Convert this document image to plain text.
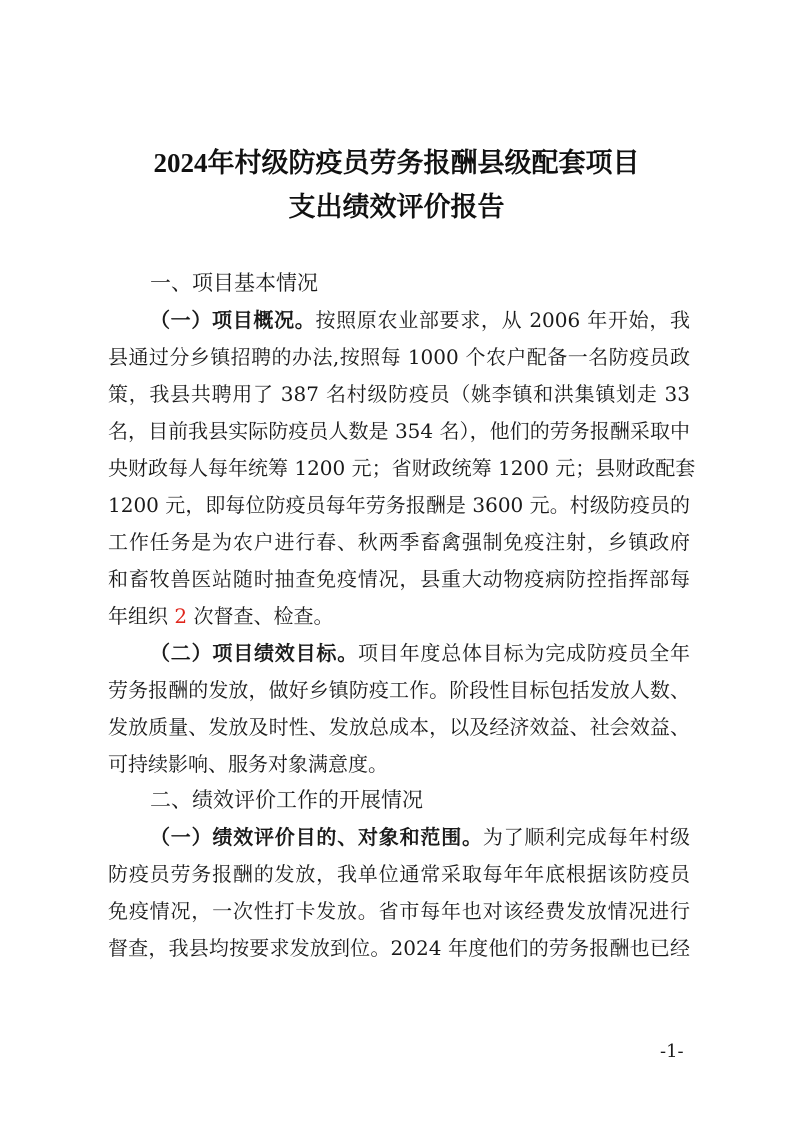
2024年村级防疫员劳务报酬县级配套项目
支出绩效评价报告
一、项目基本情况
（一）项目概况。按照原农业部要求，从 2006 年开始，我
县通过分乡镇招聘的办法,按照每 1000 个农户配备一名防疫员政
策，我县共聘用了 387 名村级防疫员（姚李镇和洪集镇划走 33
名，目前我县实际防疫员人数是 354 名），他们的劳务报酬采取中
央财政每人每年统筹 1200 元；省财政统筹 1200 元；县财政配套
1200 元，即每位防疫员每年劳务报酬是 3600 元。村级防疫员的
工作任务是为农户进行春、秋两季畜禽强制免疫注射，乡镇政府
和畜牧兽医站随时抽查免疫情况，县重大动物疫病防控指挥部每
年组织 2 次督查、检查。
（二）项目绩效目标。项目年度总体目标为完成防疫员全年
劳务报酬的发放，做好乡镇防疫工作。阶段性目标包括发放人数、
发放质量、发放及时性、发放总成本，以及经济效益、社会效益、
可持续影响、服务对象满意度。
二、绩效评价工作的开展情况
（一）绩效评价目的、对象和范围。为了顺利完成每年村级
防疫员劳务报酬的发放，我单位通常采取每年年底根据该防疫员
免疫情况，一次性打卡发放。省市每年也对该经费发放情况进行
督查，我县均按要求发放到位。2024 年度他们的劳务报酬也已经
-1-
